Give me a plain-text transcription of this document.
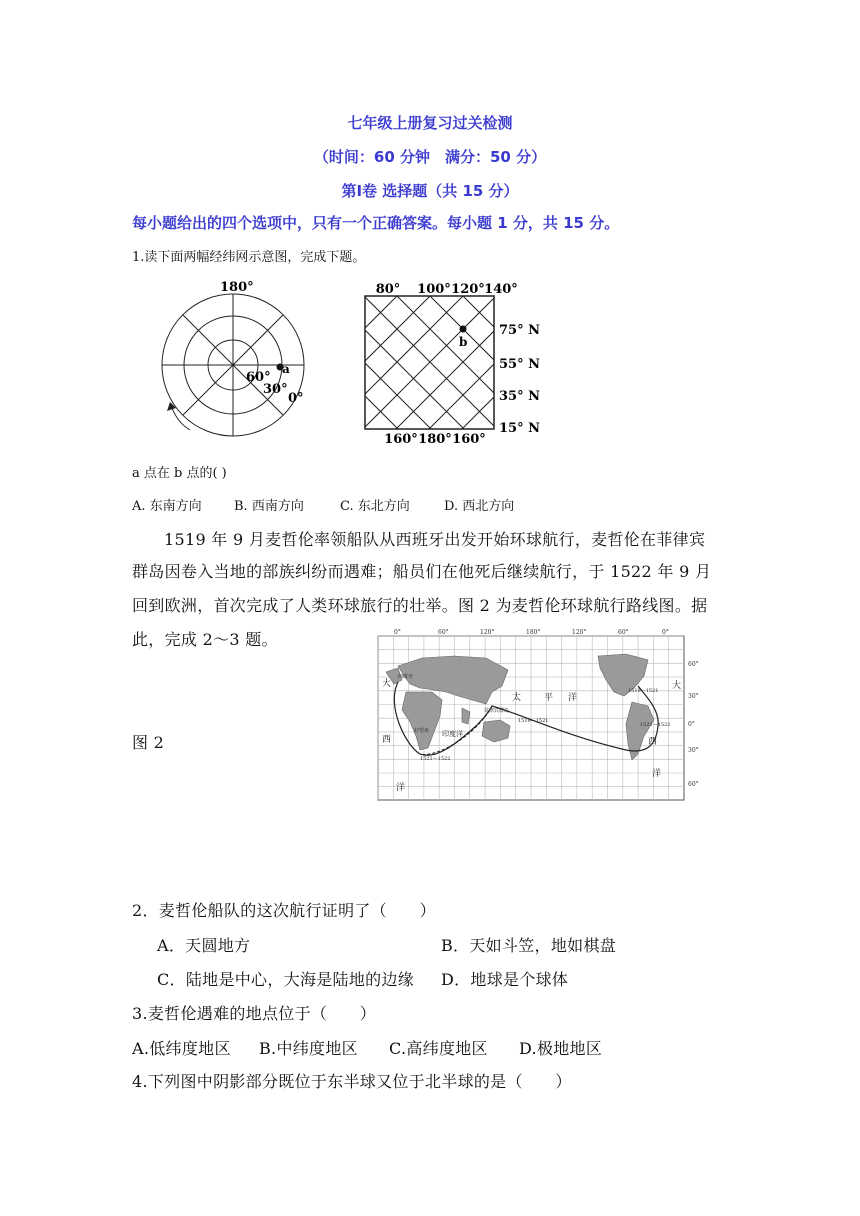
七年级上册复习过关检测
（时间：60 分钟　满分：50 分）
第Ⅰ卷 选择题（共 15 分）
每小题给出的四个选项中，只有一个正确答案。每小题 1 分，共 15 分。
1.读下面两幅经纬网示意图，完成下题。
180°
60°
30°
0°
a
b
80° 100° 120° 140°
75° N
55° N
35° N
15° N
160° 180° 160°
a 点在 b 点的( )
A. 东南方向 B. 西南方向	C. 东北方向	D. 西北方向
1519 年 9 月麦哲伦率领船队从西班牙出发开始环球航行，麦哲伦在菲律宾
群岛因卷入当地的部族纠纷而遇难；船员们在他死后继续航行，于 1522 年 9 月
回到欧洲，首次完成了人类环球旅行的壮举。图 2 为麦哲伦环球航行路线图。据
此，完成 2～3 题。
图 2
0°	60°	120°	180°	120°	60°	0°
60°
30°
0°
30°
60°
大
西班牙
太	平 洋
菲律宾群岛
大
西
印度洋
好望角
西
洋
洋
1519—1521
1521—1522
1519—1521
1521—1522
2．麦哲伦船队的这次航行证明了（　　）
A．天圆地方	B．天如斗笠，地如棋盘
C．陆地是中心，大海是陆地的边缘 D．地球是个球体
3.麦哲伦遇难的地点位于（　　）
A.低纬度地区 B.中纬度地区 C.高纬度地区 D.极地地区
4.下列图中阴影部分既位于东半球又位于北半球的是（　　）
